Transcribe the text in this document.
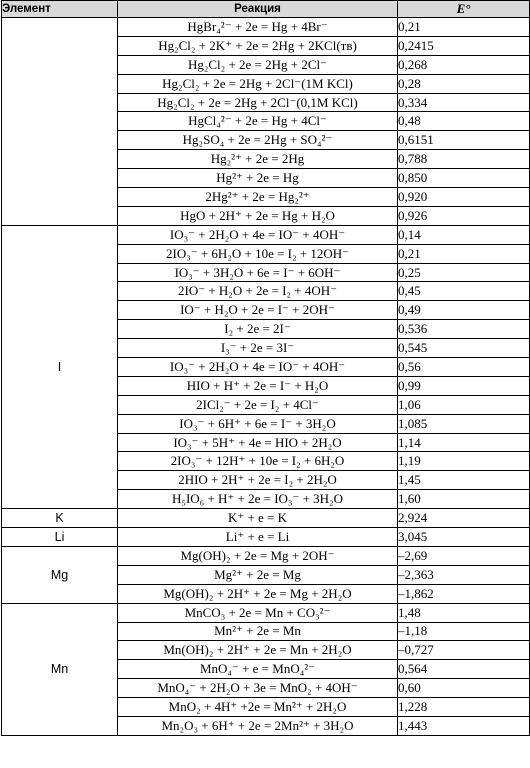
Элемент	Реакция	E°
	HgBr₄²⁻ + 2e = Hg + 4Br⁻	0,21
	Hg₂Cl₂ + 2K⁺ + 2e = 2Hg + 2KCl(тв)	0,2415
	Hg₂Cl₂ + 2e = 2Hg + 2Cl⁻	0,268
	Hg₂Cl₂ + 2e = 2Hg + 2Cl⁻(1M KCl)	0,28
	Hg₂Cl₂ + 2e = 2Hg + 2Cl⁻(0,1M KCl)	0,334
	HgCl₄²⁻ + 2e = Hg + 4Cl⁻	0,48
	Hg₂SO₄ + 2e = 2Hg + SO₄²⁻	0,6151
	Hg₂²⁺ + 2e = 2Hg	0,788
	Hg²⁺ + 2e = Hg	0,850
	2Hg²⁺ + 2e = Hg₂²⁺	0,920
	HgO + 2H⁺ + 2e = Hg + H₂O	0,926
I	IO₃⁻ + 2H₂O + 4e = IO⁻ + 4OH⁻	0,14
	2IO₃⁻ + 6H₂O + 10e = I₂ + 12OH⁻	0,21
	IO₃⁻ + 3H₂O + 6e = I⁻ + 6OH⁻	0,25
	2IO⁻ + H₂O + 2e = I₂ + 4OH⁻	0,45
	IO⁻ + H₂O + 2e = I⁻ + 2OH⁻	0,49
	I₂ + 2e = 2I⁻	0,536
	I₃⁻ + 2e = 3I⁻	0,545
	IO₃⁻ + 2H₂O + 4e = IO⁻ + 4OH⁻	0,56
	HIO + H⁺ + 2e = I⁻ + H₂O	0,99
	2ICl₂⁻ + 2e = I₂ + 4Cl⁻	1,06
	IO₃⁻ + 6H⁺ + 6e = I⁻ + 3H₂O	1,085
	IO₃⁻ + 5H⁺ + 4e = HIO + 2H₂O	1,14
	2IO₃⁻ + 12H⁺ + 10e = I₂ + 6H₂O	1,19
	2HIO + 2H⁺ + 2e = I₂ + 2H₂O	1,45
	H₅IO₆ + H⁺ + 2e = IO₃⁻ + 3H₂O	1,60
K	K⁺ + e = K	2,924
Li	Li⁺ + e = Li	3,045
Mg	Mg(OH)₂ + 2e = Mg + 2OH⁻	–2,69
	Mg²⁺ + 2e = Mg	–2,363
	Mg(OH)₂ + 2H⁺ + 2e = Mg + 2H₂O	–1,862
Mn	MnCO₃ + 2e = Mn + CO₃²⁻	1,48
	Mn²⁺ + 2e = Mn	–1,18
	Mn(OH)₂ + 2H⁺ + 2e = Mn + 2H₂O	–0,727
	MnO₄⁻ + e = MnO₄²⁻	0,564
	MnO₄⁻ + 2H₂O + 3e = MnO₂ + 4OH⁻	0,60
	MnO₂ + 4H⁺ +2e = Mn²⁺ + 2H₂O	1,228
	Mn₂O₃ + 6H⁺ + 2e = 2Mn²⁺ + 3H₂O	1,443
